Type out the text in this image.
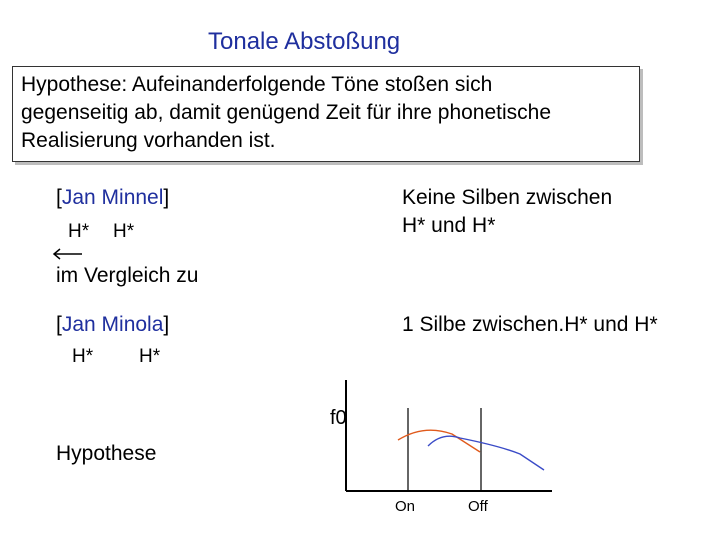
Tonale Abstoßung
Hypothese: Aufeinanderfolgende Töne stoßen sich
gegenseitig ab, damit genügend Zeit für ihre phonetische
Realisierung vorhanden ist.
[Jan Minnel]
H* H*
Keine Silben zwischen
H* und H*
im Vergleich zu
[Jan Minola]
H* H*
1 Silbe zwischen.H* und H*
Hypothese
f0
On	Off
